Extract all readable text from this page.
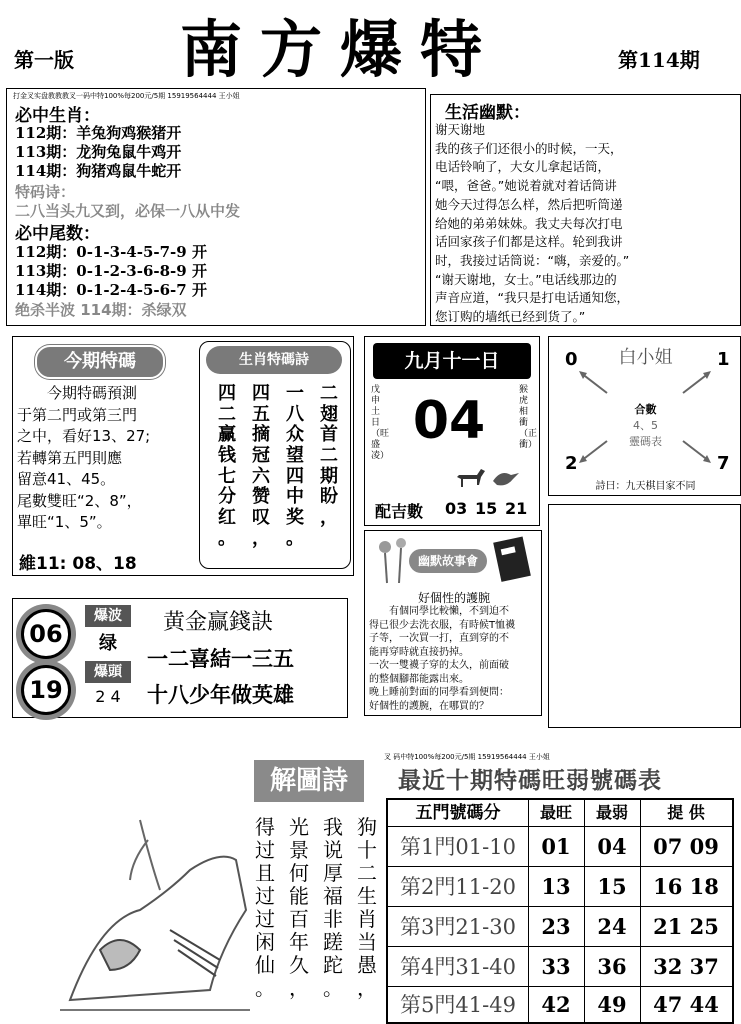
第一版	南方爆特	第114期
打金叉实盘教教教叉一码中特100%每200元/5期 15919564444 王小姐
必中生肖：
112期：羊兔狗鸡猴猪开
113期：龙狗兔鼠牛鸡开
114期：狗猪鸡鼠牛蛇开
特码诗：
二八当头九又到，必保一八从中发
必中尾数：
112期：0-1-3-4-5-7-9 开
113期：0-1-2-3-6-8-9 开
114期：0-1-2-4-5-6-7 开
绝杀半波 114期：杀绿双
生活幽默：
谢天谢地
我的孩子们还很小的时候，一天，
电话铃响了，大女儿拿起话筒，
“喂，爸爸。”她说着就对着话筒讲
她今天过得怎么样，然后把听筒递
给她的弟弟妹妹。我丈夫每次打电
话回家孩子们都是这样。轮到我讲
时，我接过话筒说：“嗨，亲爱的。”
“谢天谢地，女士。”电话线那边的
声音应道，“我只是打电话通知您，
您订购的墙纸已经到货了。”
今期特碼
今期特碼預測
于第二門或第三門
之中，看好13、27;
若轉第五門則應
留意41、45。
尾數雙旺“2、8”，
單旺“1、5”。
維11: 08、18
生肖特碼詩
二
翅
首
二
期
盼
，
一
八
众
望
四
中
奖
。
四
五
摘
冠
六
赞
叹
，
四
二
赢
钱
七
分
红
。
九月十一日
戊申土日（旺盛凌）
04
猴虎相衝（正衝）
配吉數 03 15 21
白小姐
0	1
2	7
合數
4、5
靈碼表
詩曰：九天棋目家不同
幽默故事會
好個性的護腕
有個同學比較懶，不到迫不
得已很少去洗衣服，有時候T恤襪
子等，一次買一打，直到穿的不
能再穿時就直接扔掉。
一次一雙襪子穿的太久，前面破
的整個腳都能露出來。
晚上睡前對面的同學看到便問：
好個性的護腕，在哪買的？
06
爆波
绿
19
爆頭
2 4
黄金赢錢訣
一二喜結一三五
十八少年做英雄
解圖詩
狗
十
二
生
肖
当
愚
，
我
说
厚
福
非
蹉
跎
。
光
景
何
能
百
年
久
，
得
过
且
过
过
闲
仙
。
叉 码中特100%每200元/5期 15919564444 王小姐
最近十期特碼旺弱號碼表
五門號碼分	最旺	最弱	提 供
第1門01-10	01	04	07 09
第2門11-20	13	15	16 18
第3門21-30	23	24	21 25
第4門31-40	33	36	32 37
第5門41-49	42	49	47 44
